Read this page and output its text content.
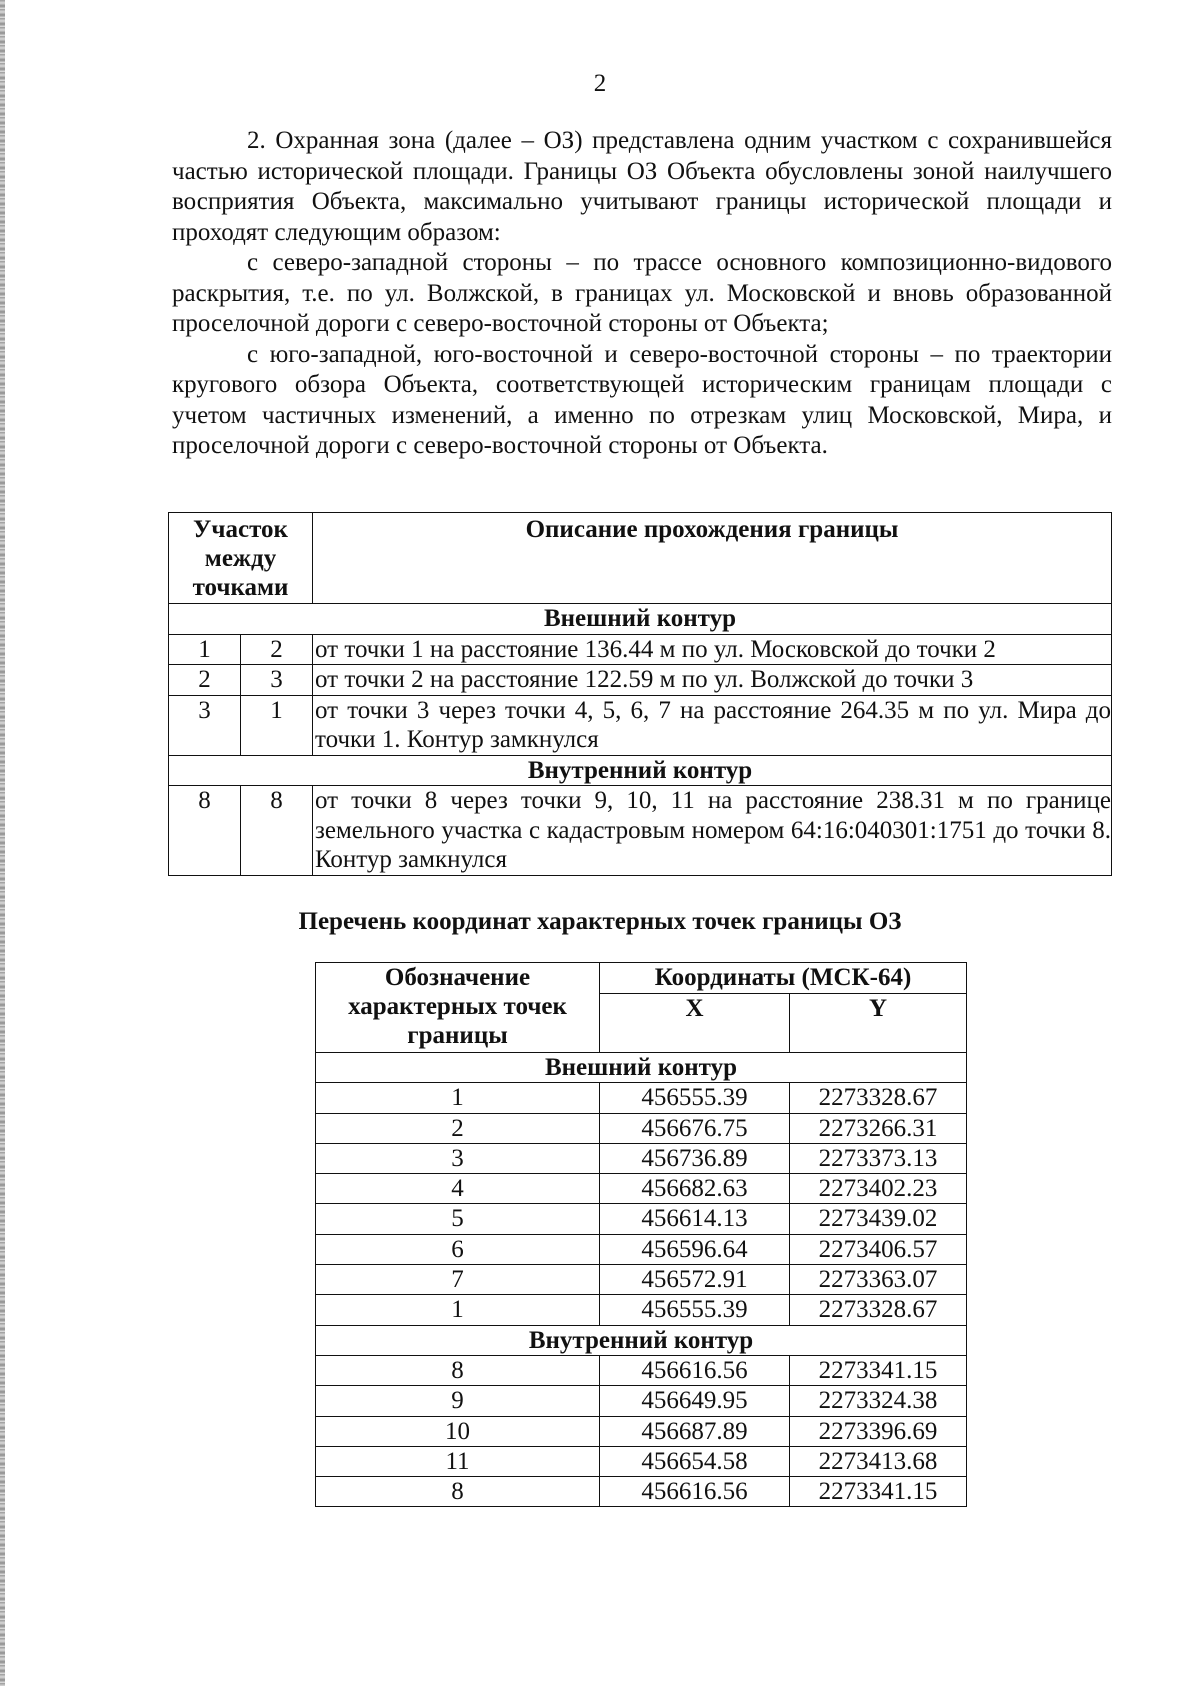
2

2. Охранная зона (далее – ОЗ) представлена одним участком с сохранившейся частью исторической площади. Границы ОЗ Объекта обусловлены зоной наилучшего восприятия Объекта, максимально учитывают границы исторической площади и проходят следующим образом:

с северо-западной стороны – по трассе основного композиционно-видового раскрытия, т.е. по ул. Волжской, в границах ул. Московской и вновь образованной проселочной дороги с северо-восточной стороны от Объекта;

с юго-западной, юго-восточной и северо-восточной стороны – по траектории кругового обзора Объекта, соответствующей историческим границам площади с учетом частичных изменений, а именно по отрезкам улиц Московской, Мира, и проселочной дороги с северо-восточной стороны от Объекта.

Участок между точками		Описание прохождения границы
Внешний контур		
1	2	от точки 1 на расстояние 136.44 м по ул. Московской до точки 2
2	3	от точки 2 на расстояние 122.59 м по ул. Волжской до точки 3
3	1	от точки 3 через точки 4, 5, 6, 7 на расстояние 264.35 м по ул. Мира до точки 1. Контур замкнулся
Внутренний контур		
8	8	от точки 8 через точки 9, 10, 11 на расстояние 238.31 м по границе земельного участка с кадастровым номером 64:16:040301:1751 до точки 8. Контур замкнулся
Перечень координат характерных точек границы ОЗ
Обозначение характерных точек границы	Координаты (МСК-64)	
	X	Y
Внешний контур		
1	456555.39	2273328.67
2	456676.75	2273266.31
3	456736.89	2273373.13
4	456682.63	2273402.23
5	456614.13	2273439.02
6	456596.64	2273406.57
7	456572.91	2273363.07
1	456555.39	2273328.67
Внутренний контур		
8	456616.56	2273341.15
9	456649.95	2273324.38
10	456687.89	2273396.69
11	456654.58	2273413.68
8	456616.56	2273341.15
